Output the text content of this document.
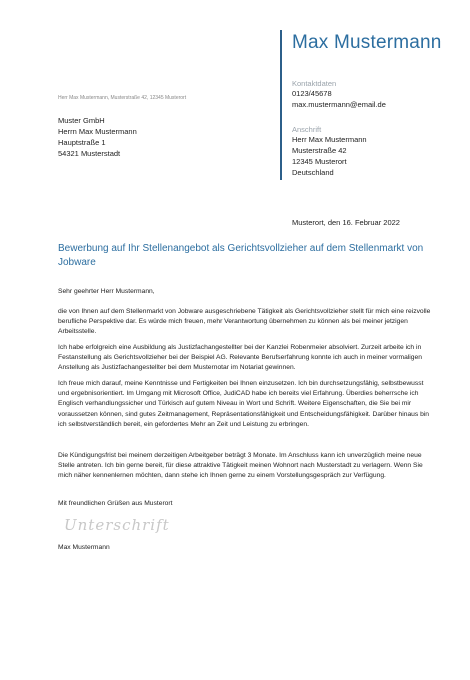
Max Mustermann
Kontaktdaten
0123/45678
max.mustermann@email.de
Anschrift
Herr Max Mustermann
Musterstraße 42
12345 Musterort
Deutschland
Herr Max Mustermann, Musterstraße 42, 12345 Musterort
Muster GmbH
Herrn Max Mustermann
Hauptstraße 1
54321 Musterstadt
Musterort, den 16. Februar 2022
Bewerbung auf Ihr Stellenangebot als Gerichtsvollzieher auf dem Stellenmarkt von Jobware
Sehr geehrter Herr Mustermann,
die von Ihnen auf dem Stellenmarkt von Jobware ausgeschriebene Tätigkeit als Gerichtsvollzieher stellt für mich eine reizvolle berufliche Perspektive dar. Es würde mich freuen, mehr Verantwortung übernehmen zu können als bei meiner jetzigen Arbeitsstelle.
Ich habe erfolgreich eine Ausbildung als Justizfachangestellter bei der Kanzlei Robenmeier absolviert. Zurzeit arbeite ich in Festanstellung als Gerichtsvollzieher bei der Beispiel AG. Relevante Berufserfahrung konnte ich auch in meiner vormaligen Anstellung als Justizfachangestellter bei dem Musternotar im Notariat gewinnen.
Ich freue mich darauf, meine Kenntnisse und Fertigkeiten bei Ihnen einzusetzen. Ich bin durchsetzungsfähig, selbstbewusst und ergebnisorientiert. Im Umgang mit Microsoft Office, JudiCAD habe ich bereits viel Erfahrung. Überdies beherrsche ich Englisch verhandlungssicher und Türkisch auf gutem Niveau in Wort und Schrift. Weitere Eigenschaften, die Sie bei mir voraussetzen können, sind gutes Zeitmanagement, Repräsentationsfähigkeit und Entscheidungsfähigkeit. Darüber hinaus bin ich selbstverständlich bereit, ein gefordertes Mehr an Zeit und Leistung zu erbringen.
Die Kündigungsfrist bei meinem derzeitigen Arbeitgeber beträgt 3 Monate. Im Anschluss kann ich unverzüglich meine neue Stelle antreten. Ich bin gerne bereit, für diese attraktive Tätigkeit meinen Wohnort nach Musterstadt zu verlagern. Wenn Sie mich näher kennenlernen möchten, dann stehe ich Ihnen gerne zu einem Vorstellungsgespräch zur Verfügung.
Mit freundlichen Grüßen aus Musterort
Unterschrift
Max Mustermann
